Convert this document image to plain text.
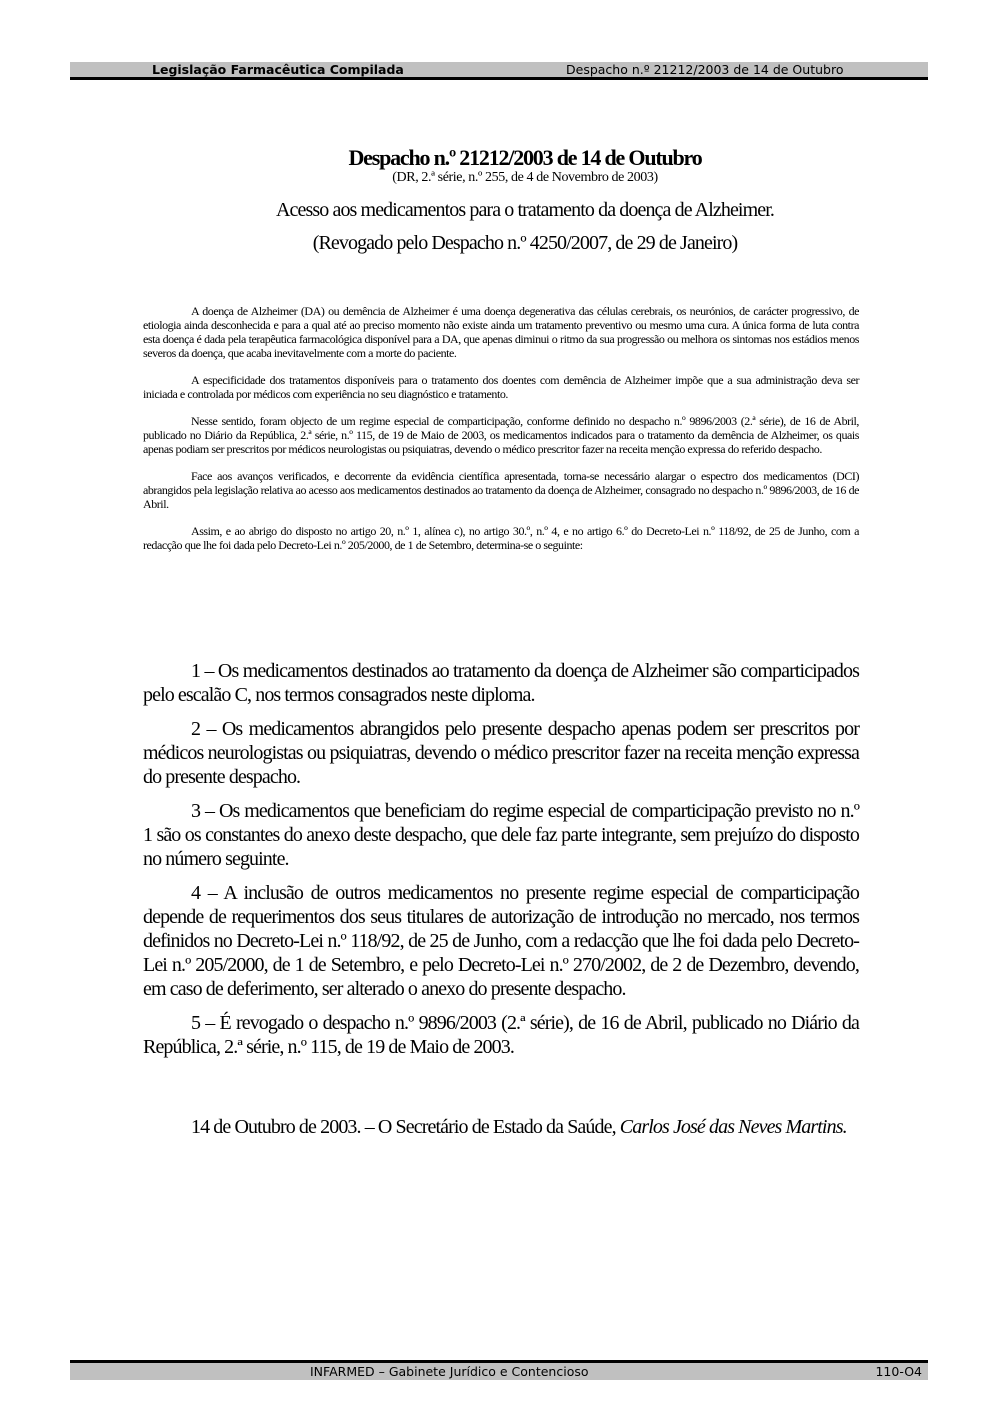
Legislação Farmacêutica Compilada	Despacho n.º 21212/2003 de 14 de Outubro
Despacho n.º 21212/2003 de 14 de Outubro
(DR, 2.ª série, n.º 255, de 4 de Novembro de 2003)
Acesso aos medicamentos para o tratamento da doença de Alzheimer.
(Revogado pelo Despacho n.º 4250/2007, de 29 de Janeiro)

A doença de Alzheimer (DA) ou demência de Alzheimer é uma doença degenerativa das células cerebrais, os neurónios, de carácter progressivo, de etiologia ainda desconhecida e para a qual até ao preciso momento não existe ainda um tratamento preventivo ou mesmo uma cura. A única forma de luta contra esta doença é dada pela terapêutica farmacológica disponível para a DA, que apenas diminui o ritmo da sua progressão ou melhora os sintomas nos estádios menos severos da doença, que acaba inevitavelmente com a morte do paciente.

A especificidade dos tratamentos disponíveis para o tratamento dos doentes com demência de Alzheimer impõe que a sua administração deva ser iniciada e controlada por médicos com experiência no seu diagnóstico e tratamento.

Nesse sentido, foram objecto de um regime especial de comparticipação, conforme definido no despacho n.º 9896/2003 (2.ª série), de 16 de Abril, publicado no Diário da República, 2.ª série, n.º 115, de 19 de Maio de 2003, os medicamentos indicados para o tratamento da demência de Alzheimer, os quais apenas podiam ser prescritos por médicos neurologistas ou psiquiatras, devendo o médico prescritor fazer na receita menção expressa do referido despacho.

Face aos avanços verificados, e decorrente da evidência científica apresentada, torna-se necessário alargar o espectro dos medicamentos (DCI) abrangidos pela legislação relativa ao acesso aos medicamentos destinados ao tratamento da doença de Alzheimer, consagrado no despacho n.º 9896/2003, de 16 de Abril.

Assim, e ao abrigo do disposto no artigo 20, n.º 1, alínea c), no artigo 30.º, n.º 4, e no artigo 6.º do Decreto-Lei n.º 118/92, de 25 de Junho, com a redacção que lhe foi dada pelo Decreto-Lei n.º 205/2000, de 1 de Setembro, determina-se o seguinte:

1 – Os medicamentos destinados ao tratamento da doença de Alzheimer são comparticipados pelo escalão C, nos termos consagrados neste diploma.

2 – Os medicamentos abrangidos pelo presente despacho apenas podem ser prescritos por médicos neurologistas ou psiquiatras, devendo o médico prescritor fazer na receita menção expressa do presente despacho.

3 – Os medicamentos que beneficiam do regime especial de comparticipação previsto no n.º 1 são os constantes do anexo deste despacho, que dele faz parte integrante, sem prejuízo do disposto no número seguinte.

4 – A inclusão de outros medicamentos no presente regime especial de comparticipação depende de requerimentos dos seus titulares de autorização de introdução no mercado, nos termos definidos no Decreto-Lei n.º 118/92, de 25 de Junho, com a redacção que lhe foi dada pelo Decreto-Lei n.º 205/2000, de 1 de Setembro, e pelo Decreto-Lei n.º 270/2002, de 2 de Dezembro, devendo, em caso de deferimento, ser alterado o anexo do presente despacho.

5 – É revogado o despacho n.º 9896/2003 (2.ª série), de 16 de Abril, publicado no Diário da República, 2.ª série, n.º 115, de 19 de Maio de 2003.

14 de Outubro de 2003. – O Secretário de Estado da Saúde, Carlos José das Neves Martins.

INFARMED – Gabinete Jurídico e Contencioso	110-O4
